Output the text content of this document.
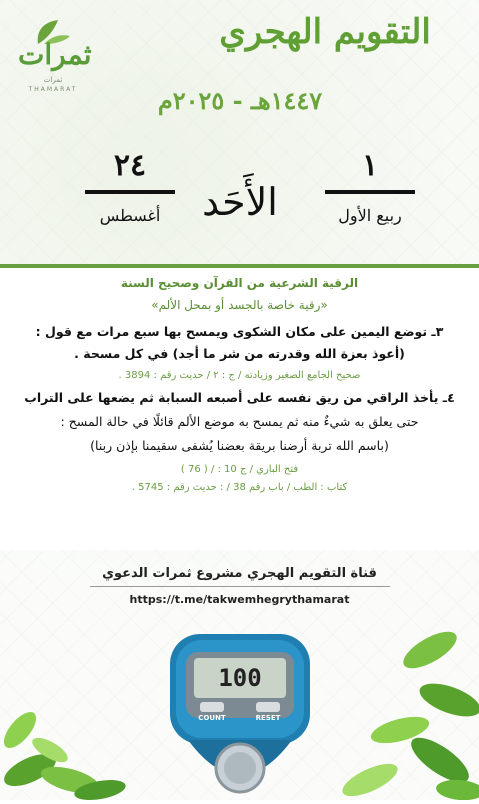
ثمرات
ثمرات
THAMARAT
التقويم الهجري
١٤٤٧هـ - ٢٠٢٥م
١
ربيع الأول
الأَحَد
٢٤
أغسطس
الرقية الشرعية من القرآن وصحيح السنة
«رقية خاصة بالجسد أو بمحل الألم»
٣ـ توضع اليمين على مكان الشكوى ويمسح بها سبع مرات مع قول :
(أعوذ بعزة الله وقدرته من شر ما أجد) في كل مسحة .
صحيح الجامع الصغير وزيادته / ج : ٢ / حديث رقم : 3894 .
٤ـ يأخذ الراقي من ريق نفسه على أصبعه السبابة ثم يضعها على التراب
حتى يعلق به شيءٌ منه ثم يمسح به موضع الألم قائلًا في حالة المسح :
(باسم الله تربة أرضنا بريقة بعضنا يُشفى سقيمنا بإذن ربنا)
فتح الباري / ج 10 : / ( 76 )
كتاب : الطب / باب رقم 38 / : حديث رقم : 5745 .
قناة التقويم الهجري مشروع ثمرات الدعوي
https://t.me/takwemhegrythamarat
100
COUNT	RESET
